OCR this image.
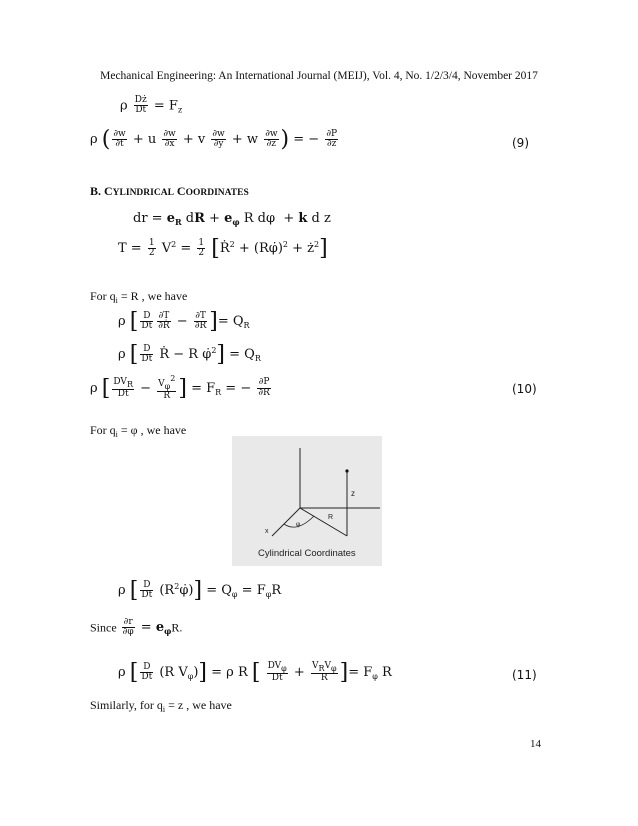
Mechanical Engineering: An International Journal (MEIJ), Vol. 4, No. 1/2/3/4, November 2017
ρ $\frac{Dż}{Dt} = F_z$
ρ ( $\frac{\partial w}{\partial t} + u \frac{\partial w}{\partial x} + v \frac{\partial w}{\partial y} + w \frac{\partial w}{\partial z}$ ) = − $\frac{\partial P}{\partial z}$	(9)
B. CYLINDRICAL COORDINATES
dr = $e_R$ dR + $e_\varphi$ R dφ  + k d z
$T = \frac{1}{2} V^2 = \frac{1}{2}$ [Ṙ$^2$ + (Rφ̇)$^2$ + $ż^2$]
For $q_i = R$ , we have
ρ [ $\frac{D}{Dt} \frac{\partial T}{\text{∂Ṙ}} - \frac{\partial T}{\partial R}$ ]= $Q_R$
ρ [ $\frac{D}{Dt}$ Ṙ − R φ̇$^2$] = $Q_R$
ρ [ $\frac{\text{DVR}}{Dt} - \frac{V\varphi 2}{R}$ ] = $F_R$ = − $\frac{\partial P}{\partial R}$	(10)
For $q_i = \varphi$ , we have
z
R
x
φ
Cylindrical Coordinates
ρ [ $\frac{D}{Dt}$ $(R^2\varphi̇)] = Q_\varphi = F_\varphi R$
Since $\frac{\partial r}{\partial\varphi} = e_\varphi R$.
ρ [ $\frac{D}{Dt} (R$ $V_\varphi)] = \rho$ R [ $\frac{\text{DVφ}}{Dt} + \frac{\text{VRVφ}}{R}$ ]= $F_\varphi$ R	(11)
Similarly, for $q_i = z$ , we have
14
